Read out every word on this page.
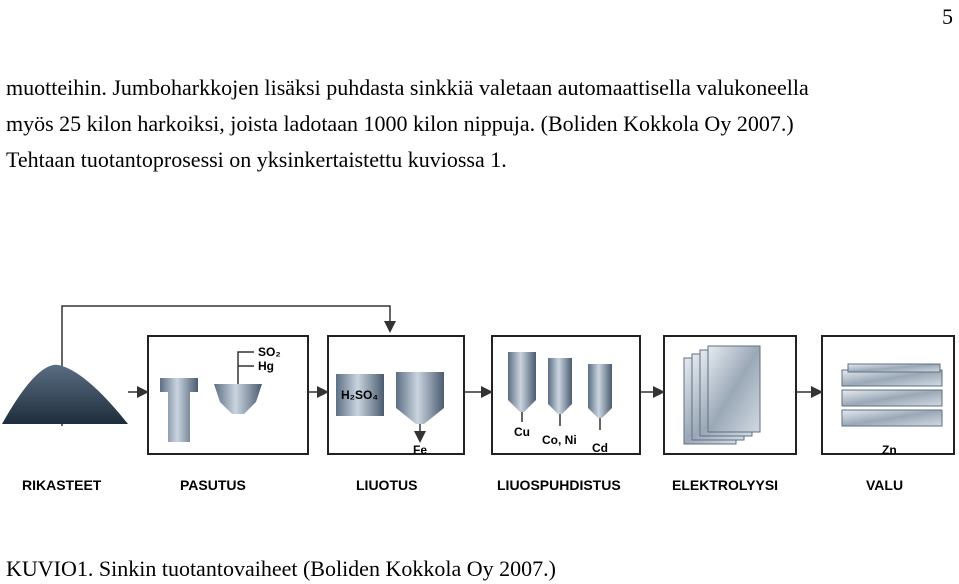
5
muotteihin. Jumboharkkojen lisäksi puhdasta sinkkiä valetaan automaattisella valukoneella
myös 25 kilon harkoiksi, joista ladotaan 1000 kilon nippuja. (Boliden Kokkola Oy 2007.)
Tehtaan tuotantoprosessi on yksinkertaistettu kuviossa 1.
SO₂
Hg
H₂SO₄
Fe
Cu
Co, Ni
Cd	Zn
RIKASTEET	PASUTUS	LIUOTUS	LIUOSPUHDISTUS	ELEKTROLYYSI	VALU
KUVIO1. Sinkin tuotantovaiheet (Boliden Kokkola Oy 2007.)
